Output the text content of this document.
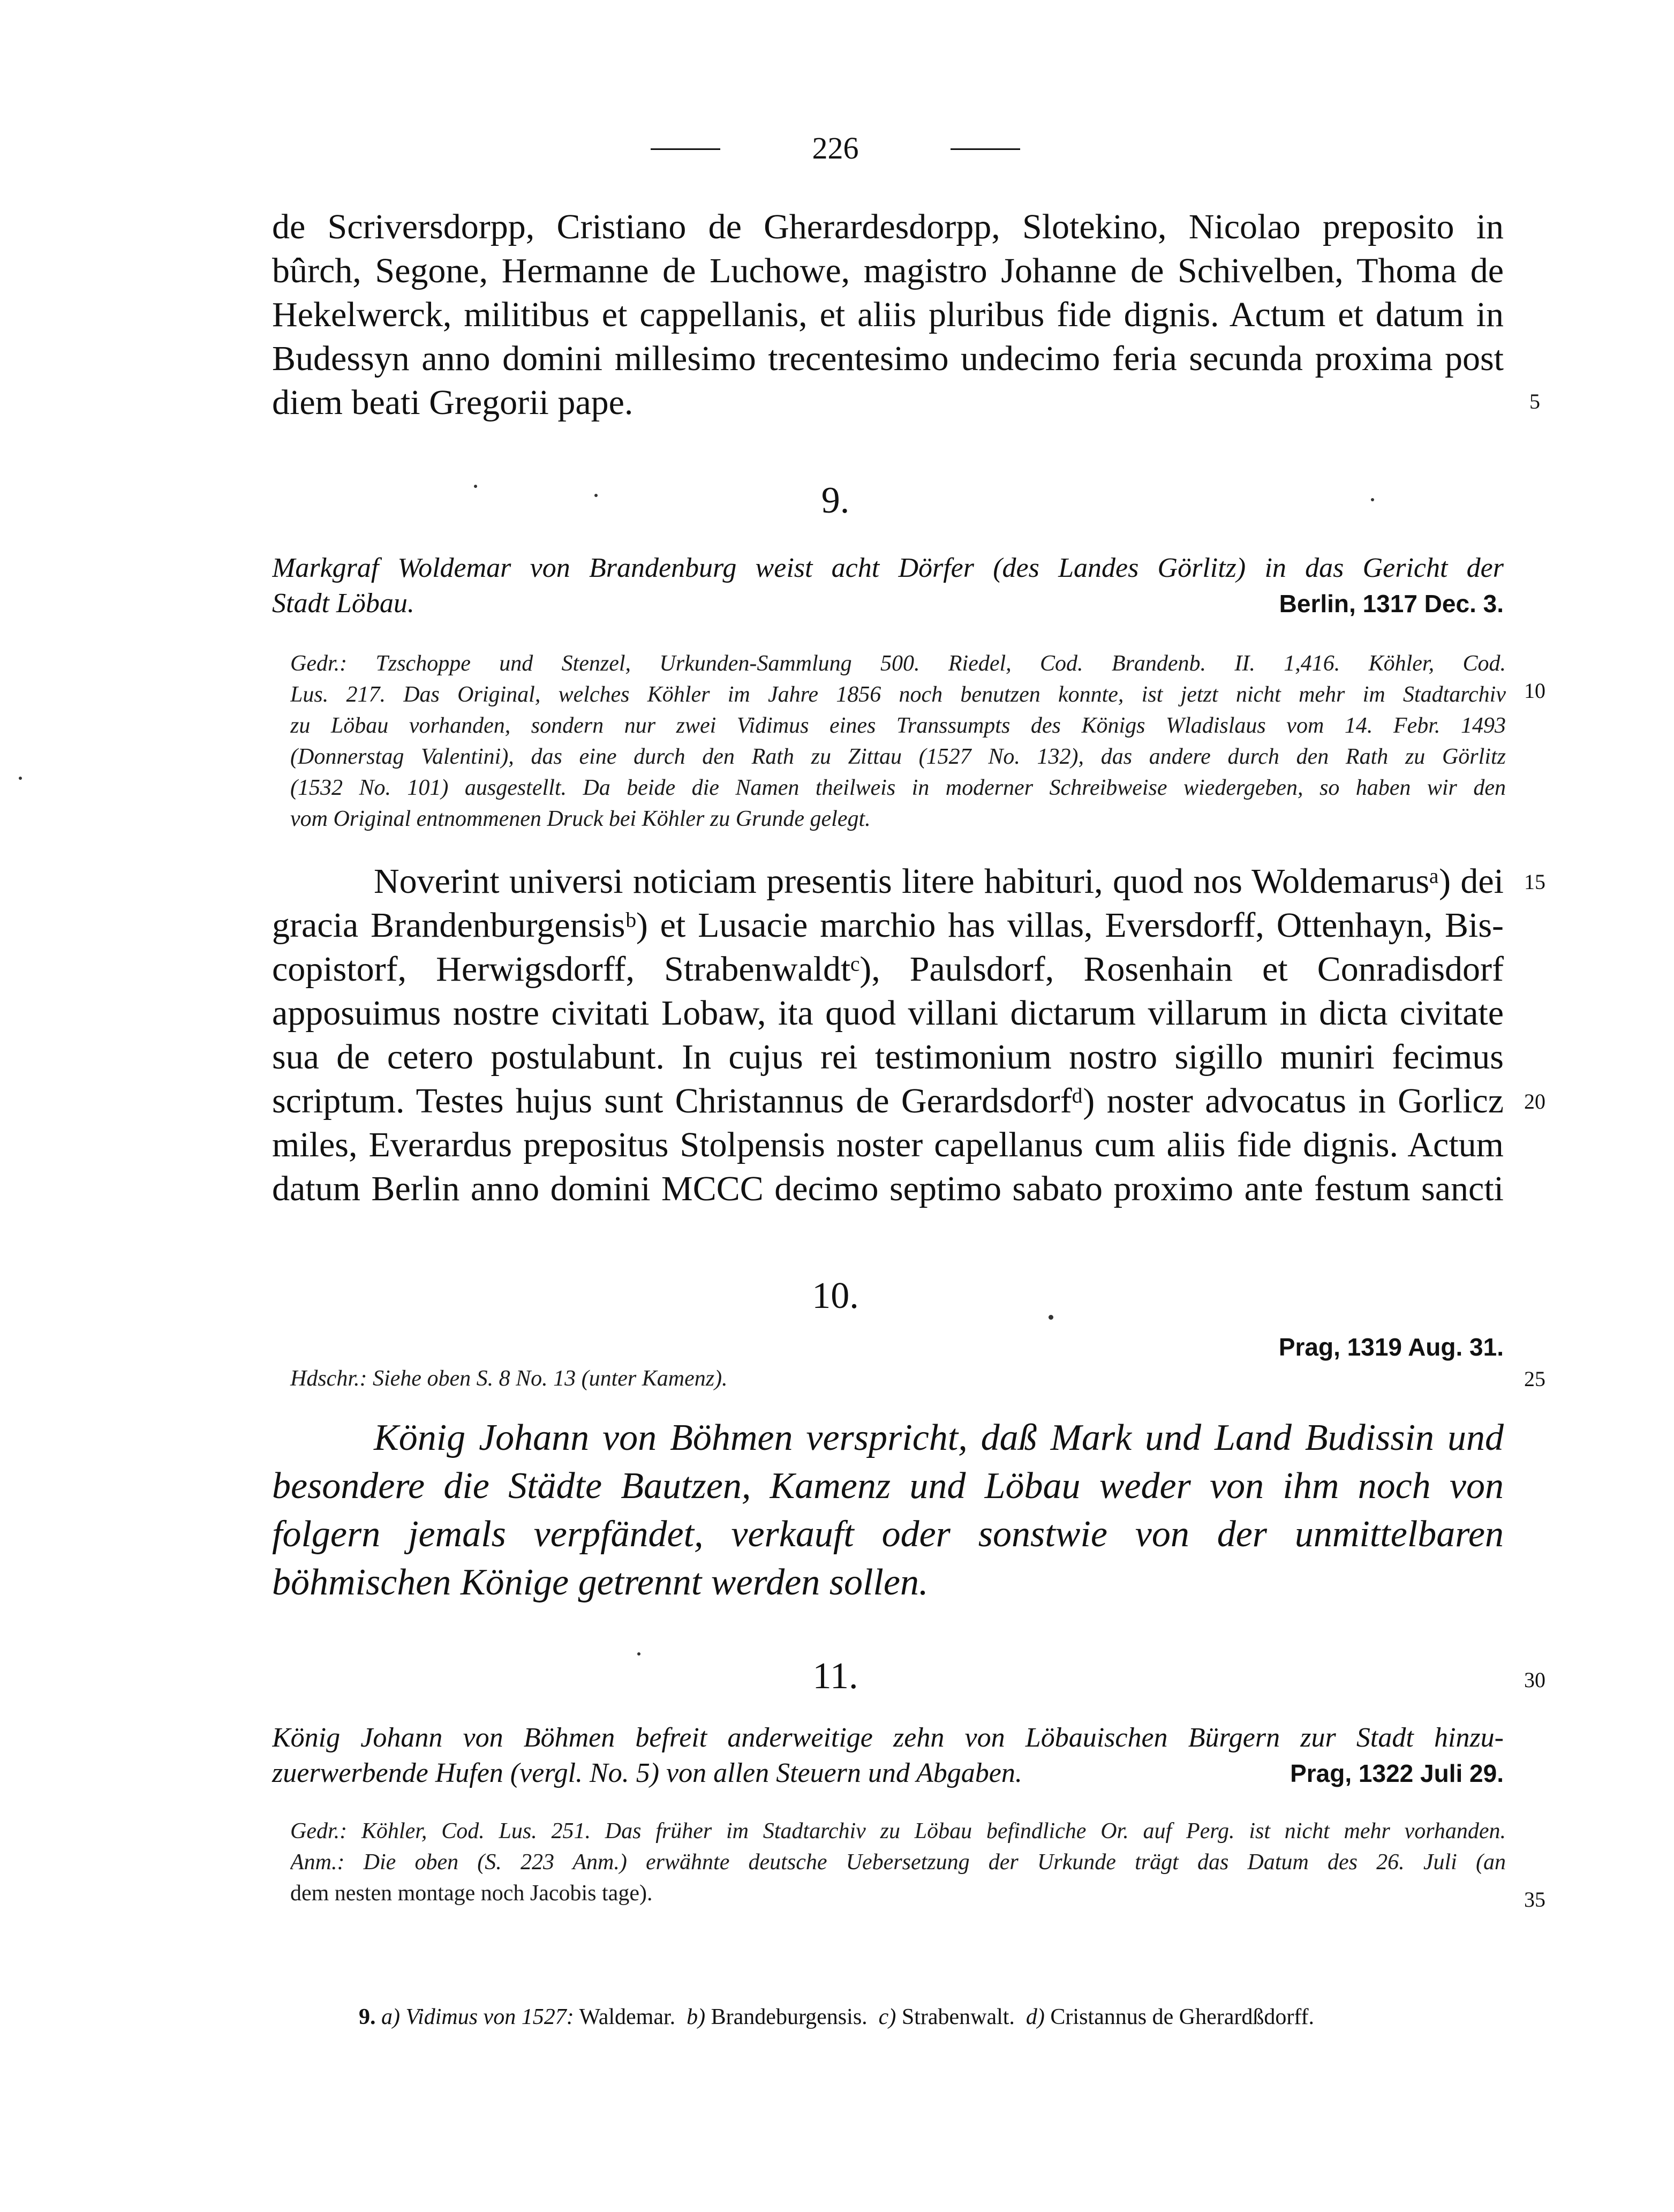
226
de Scriversdorpp, Cristiano de Gherardesdorpp, Slotekino, Nicolao preposito in
bûrch, Segone, Hermanne de Luchowe, magistro Johanne de Schivelben, Thoma de
Hekelwerck, militibus et cappellanis, et aliis pluribus fide dignis. Actum et datum in
Budessyn anno domini millesimo trecentesimo undecimo feria secunda proxima post
diem beati Gregorii pape.
9.
Markgraf Woldemar von Brandenburg weist acht Dörfer (des Landes Görlitz) in das Gericht der
Stadt Löbau.	Berlin, 1317 Dec. 3.
Gedr.: Tzschoppe und Stenzel, Urkunden-Sammlung 500. Riedel, Cod. Brandenb. II. 1,416. Köhler, Cod.
Lus. 217. Das Original, welches Köhler im Jahre 1856 noch benutzen konnte, ist jetzt nicht mehr im Stadtarchiv
zu Löbau vorhanden, sondern nur zwei Vidimus eines Transsumpts des Königs Wladislaus vom 14. Febr. 1493
(Donnerstag Valentini), das eine durch den Rath zu Zittau (1527 No. 132), das andere durch den Rath zu Görlitz
(1532 No. 101) ausgestellt. Da beide die Namen theilweis in moderner Schreibweise wiedergeben, so haben wir den
vom Original entnommenen Druck bei Köhler zu Grunde gelegt.
Noverint universi noticiam presentis litere habituri, quod nos Woldemarusᵃ) dei
gracia Brandenburgensisᵇ) et Lusacie marchio has villas, Eversdorff, Ottenhayn, Bis-
copistorf, Herwigsdorff, Strabenwaldtᶜ), Paulsdorf, Rosenhain et Conradisdorf
apposuimus nostre civitati Lobaw, ita quod villani dictarum villarum in dicta civitate
sua de cetero postulabunt. In cujus rei testimonium nostro sigillo muniri fecimus
scriptum. Testes hujus sunt Christannus de Gerardsdorfᵈ) noster advocatus in Gorlicz
miles, Everardus prepositus Stolpensis noster capellanus cum aliis fide dignis. Actum
datum Berlin anno domini MCCC decimo septimo sabato proximo ante festum sancti
10.
Prag, 1319 Aug. 31.
Hdschr.: Siehe oben S. 8 No. 13 (unter Kamenz).
König Johann von Böhmen verspricht, daß Mark und Land Budissin und
besondere die Städte Bautzen, Kamenz und Löbau weder von ihm noch von
folgern jemals verpfändet, verkauft oder sonstwie von der unmittelbaren
böhmischen Könige getrennt werden sollen.
11.
König Johann von Böhmen befreit anderweitige zehn von Löbauischen Bürgern zur Stadt hinzu-
zuerwerbende Hufen (vergl. No. 5) von allen Steuern und Abgaben.	Prag, 1322 Juli 29.
Gedr.: Köhler, Cod. Lus. 251. Das früher im Stadtarchiv zu Löbau befindliche Or. auf Perg. ist nicht mehr vorhanden.
Anm.: Die oben (S. 223 Anm.) erwähnte deutsche Uebersetzung der Urkunde trägt das Datum des 26. Juli (an
dem nesten montage noch Jacobis tage).
5
10
15
20
25
30
35
9. a) Vidimus von 1527: Waldemar. b) Brandeburgensis. c) Strabenwalt. d) Cristannus de Gherardßdorff.
